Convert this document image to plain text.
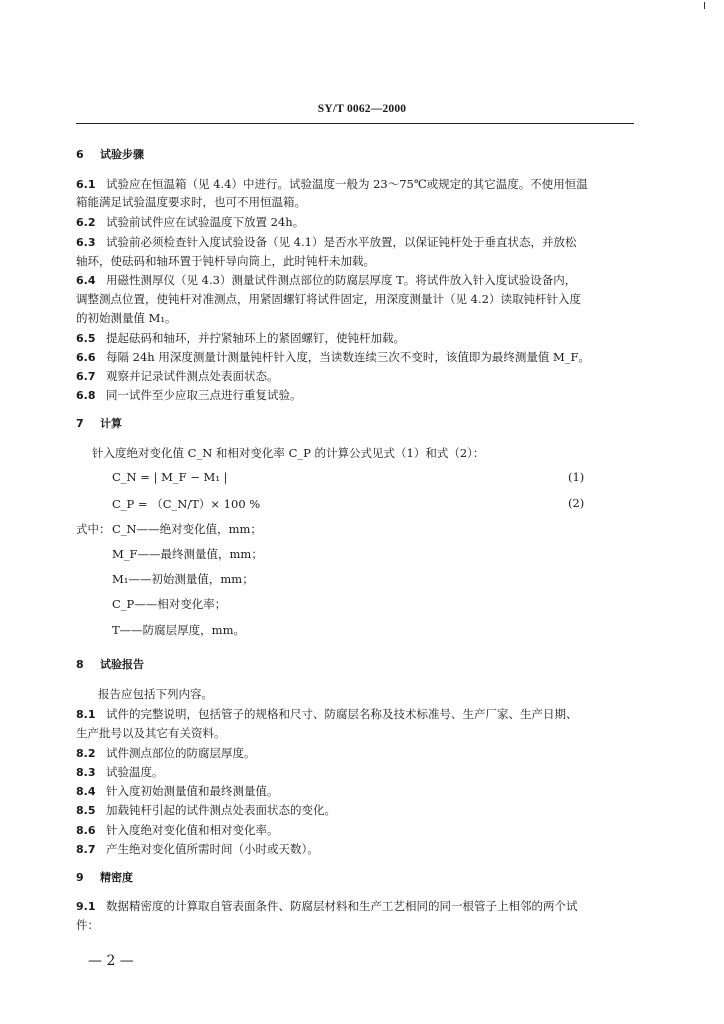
SY/T 0062—2000
6 试验步骤
6.1 试验应在恒温箱（见 4.4）中进行。试验温度一般为 23～75℃或规定的其它温度。不使用恒温
箱能满足试验温度要求时，也可不用恒温箱。
6.2 试验前试件应在试验温度下放置 24h。
6.3 试验前必须检查针入度试验设备（见 4.1）是否水平放置，以保证钝杆处于垂直状态，并放松
轴环，使砝码和轴环置于钝杆导向筒上，此时钝杆未加载。
6.4 用磁性测厚仪（见 4.3）测量试件测点部位的防腐层厚度 T。将试件放入针入度试验设备内，
调整测点位置，使钝杆对准测点，用紧固螺钉将试件固定，用深度测量计（见 4.2）读取钝杆针入度
的初始测量值 M₁。
6.5 提起砝码和轴环，并拧紧轴环上的紧固螺钉，使钝杆加载。
6.6 每隔 24h 用深度测量计测量钝杆针入度，当读数连续三次不变时，该值即为最终测量值 M_F。
6.7 观察并记录试件测点处表面状态。
6.8 同一试件至少应取三点进行重复试验。
7 计算
针入度绝对变化值 C_N 和相对变化率 C_P 的计算公式见式（1）和式（2）：
C_N = | M_F − M₁ |	(1)
C_P = （C_N/T）× 100 %	(2)
式中： C_N——绝对变化值，mm；
M_F——最终测量值，mm；
M₁——初始测量值，mm；
C_P——相对变化率；
T——防腐层厚度，mm。
8 试验报告
报告应包括下列内容。
8.1 试件的完整说明，包括管子的规格和尺寸、防腐层名称及技术标准号、生产厂家、生产日期、
生产批号以及其它有关资料。
8.2 试件测点部位的防腐层厚度。
8.3 试验温度。
8.4 针入度初始测量值和最终测量值。
8.5 加载钝杆引起的试件测点处表面状态的变化。
8.6 针入度绝对变化值和相对变化率。
8.7 产生绝对变化值所需时间（小时或天数）。
9 精密度
9.1 数据精密度的计算取自管表面条件、防腐层材料和生产工艺相同的同一根管子上相邻的两个试
件：
— 2 —
